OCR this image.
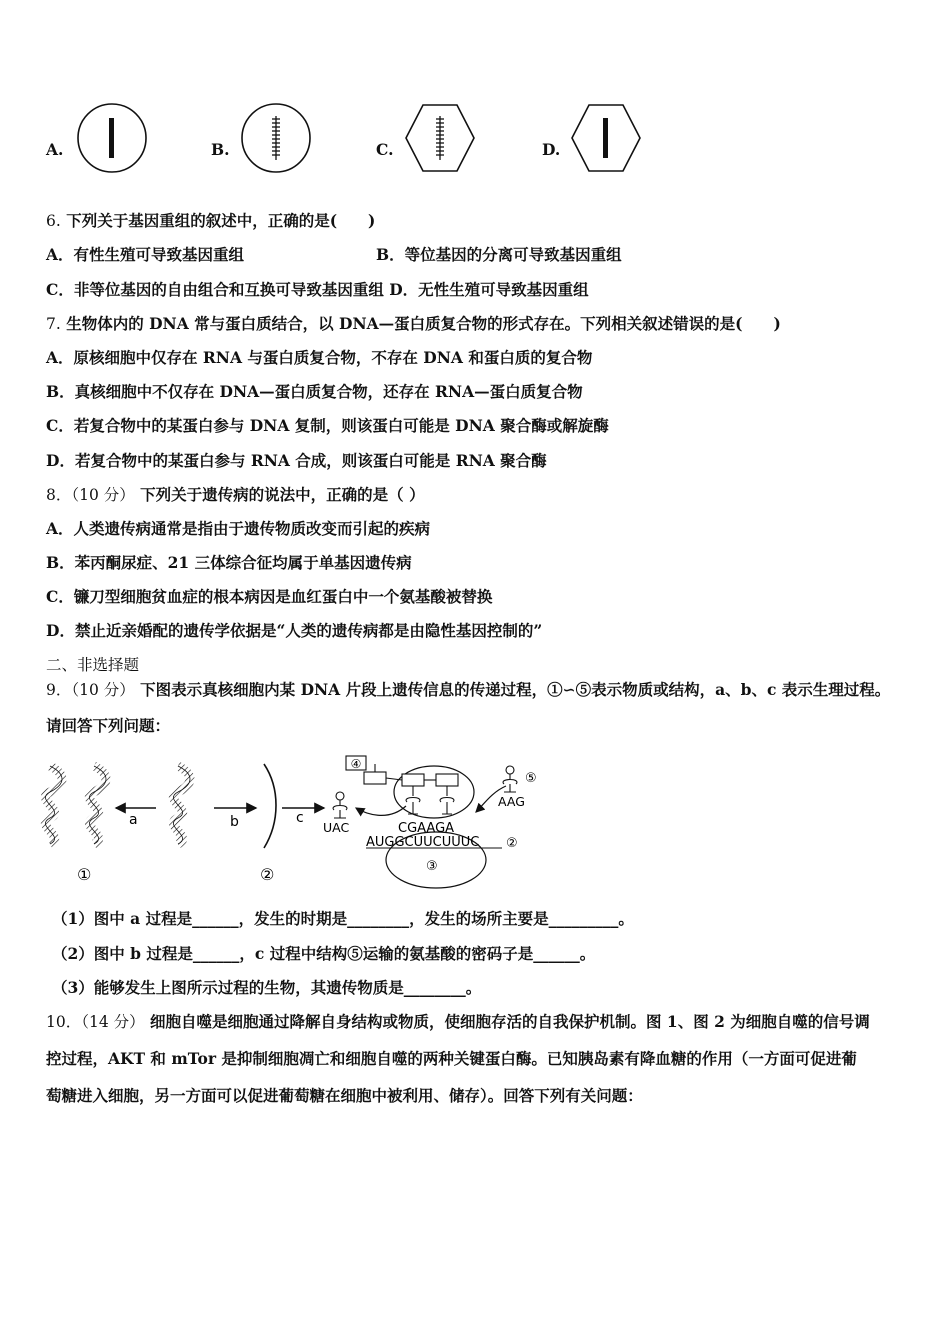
A.	B.	C.	D.
6. 下列关于基因重组的叙述中，正确的是(　　)
A．有性生殖可导致基因重组	B．等位基因的分离可导致基因重组
C．非等位基因的自由组合和互换可导致基因重组 D．无性生殖可导致基因重组
7. 生物体内的 DNA 常与蛋白质结合，以 DNA—蛋白质复合物的形式存在。下列相关叙述错误的是(　　)
A．原核细胞中仅存在 RNA 与蛋白质复合物，不存在 DNA 和蛋白质的复合物
B．真核细胞中不仅存在 DNA—蛋白质复合物，还存在 RNA—蛋白质复合物
C．若复合物中的某蛋白参与 DNA 复制，则该蛋白可能是 DNA 聚合酶或解旋酶
D．若复合物中的某蛋白参与 RNA 合成，则该蛋白可能是 RNA 聚合酶
8．（10 分） 下列关于遗传病的说法中，正确的是（ ）
A．人类遗传病通常是指由于遗传物质改变而引起的疾病
B．苯丙酮尿症、21 三体综合征均属于单基因遗传病
C．镰刀型细胞贫血症的根本病因是血红蛋白中一个氨基酸被替换
D．禁止近亲婚配的遗传学依据是“人类的遗传病都是由隐性基因控制的”
二、非选择题
9．（10 分） 下图表示真核细胞内某 DNA 片段上遗传信息的传递过程，①∽⑤表示物质或结构，a、b、c 表示生理过程。
请回答下列问题：
a	b	c
④
UAC
⑤
AAG
CGAAGA
AUGGCUUCUUUC ②
③
①	②
（1）图中 a 过程是______，发生的时期是________，发生的场所主要是_________。
（2）图中 b 过程是______，c 过程中结构⑤运输的氨基酸的密码子是______。
（3）能够发生上图所示过程的生物，其遗传物质是________。
10．（14 分） 细胞自噬是细胞通过降解自身结构或物质，使细胞存活的自我保护机制。图 1、图 2 为细胞自噬的信号调
控过程，AKT 和 mTor 是抑制细胞凋亡和细胞自噬的两种关键蛋白酶。已知胰岛素有降血糖的作用（一方面可促进葡
萄糖进入细胞，另一方面可以促进葡萄糖在细胞中被利用、储存）。回答下列有关问题：
